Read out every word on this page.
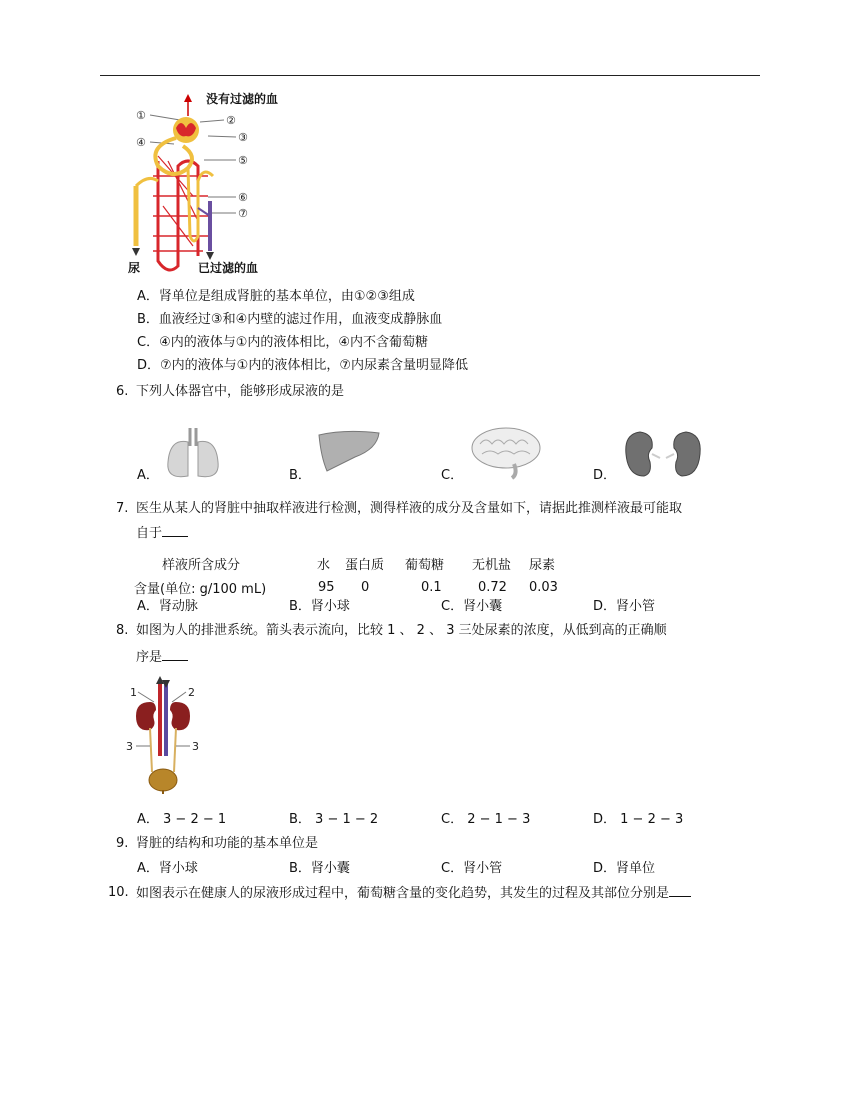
①
④
②
③
⑤
⑥
⑦
没有过滤的血
尿	已过滤的血
A．肾单位是组成肾脏的基本单位，由①②③组成
B．血液经过③和④内壁的滤过作用，血液变成静脉血
C．④内的液体与①内的液体相比，④内不含葡萄糖
D．⑦内的液体与①内的液体相比，⑦内尿素含量明显降低
6. 下列人体器官中，能够形成尿液的是
A．	B．	C．	D．
7. 医生从某人的肾脏中抽取样液进行检测，测得样液的成分及含量如下，请据此推测样液最可能取
自于
样液所含成分	水	蛋白质	葡萄糖	无机盐	尿素
含量(单位: g/100 mL)	95	0	0.1	0.72	0.03
A．肾动脉	B．肾小球	C．肾小囊	D．肾小管
8. 如图为人的排泄系统。箭头表示流向，比较 1 、 2 、 3 三处尿素的浓度，从低到高的正确顺
序是
1	2
3	3
A． 3 − 2 − 1	B． 3 − 1 − 2	C． 2 − 1 − 3	D． 1 − 2 − 3
9. 肾脏的结构和功能的基本单位是
A．肾小球	B．肾小囊	C．肾小管	D．肾单位
10. 如图表示在健康人的尿液形成过程中，葡萄糖含量的变化趋势，其发生的过程及其部位分别是
